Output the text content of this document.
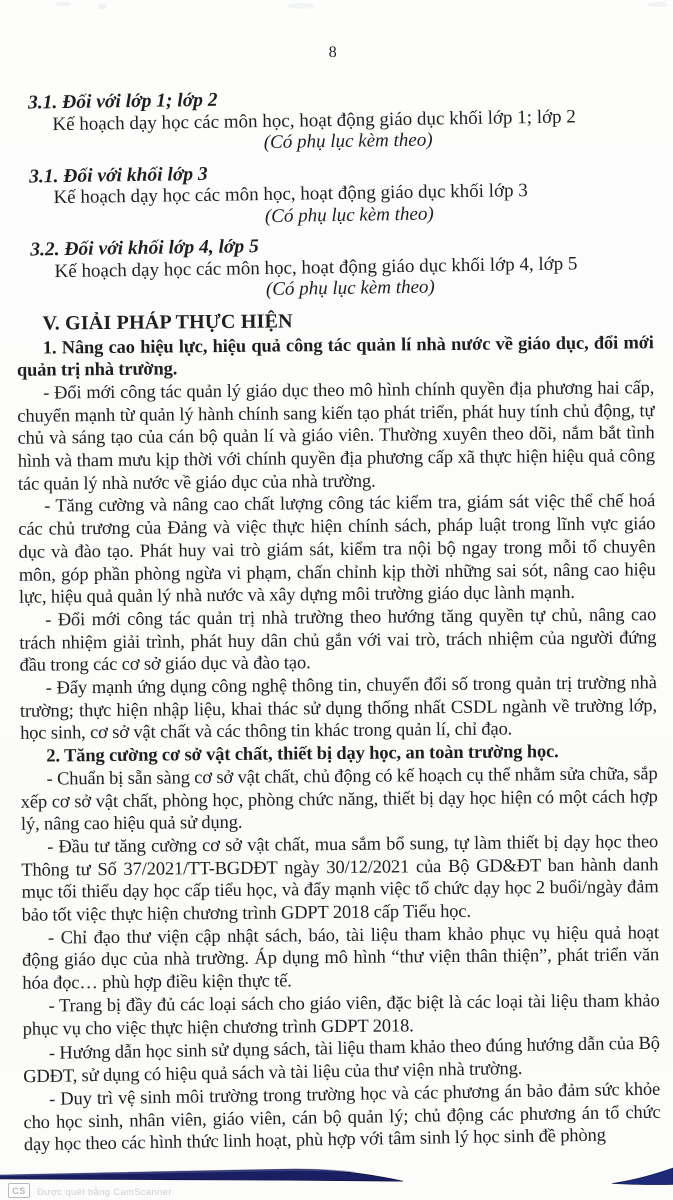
8

3.1. Đối với lớp 1; lớp 2

Kế hoạch dạy học các môn học, hoạt động giáo dục khối lớp 1; lớp 2

(Có phụ lục kèm theo)

3.1. Đối với khối lớp 3

Kế hoạch dạy học các môn học, hoạt động giáo dục khối lớp 3

(Có phụ lục kèm theo)

3.2. Đối với khối lớp 4, lớp 5

Kế hoạch dạy học các môn học, hoạt động giáo dục khối lớp 4, lớp 5

(Có phụ lục kèm theo)

V. GIẢI PHÁP THỰC HIỆN

1. Nâng cao hiệu lực, hiệu quả công tác quản lí nhà nước về giáo dục, đổi mới quản trị nhà trường.

- Đổi mới công tác quản lý giáo dục theo mô hình chính quyền địa phương hai cấp, chuyển mạnh từ quản lý hành chính sang kiến tạo phát triển, phát huy tính chủ động, tự chủ và sáng tạo của cán bộ quản lí và giáo viên. Thường xuyên theo dõi, nắm bắt tình hình và tham mưu kịp thời với chính quyền địa phương cấp xã thực hiện hiệu quả công tác quản lý nhà nước về giáo dục của nhà trường.

- Tăng cường và nâng cao chất lượng công tác kiểm tra, giám sát việc thể chế hoá các chủ trương của Đảng và việc thực hiện chính sách, pháp luật trong lĩnh vực giáo dục và đào tạo. Phát huy vai trò giám sát, kiểm tra nội bộ ngay trong mỗi tổ chuyên môn, góp phần phòng ngừa vi phạm, chấn chỉnh kịp thời những sai sót, nâng cao hiệu lực, hiệu quả quản lý nhà nước và xây dựng môi trường giáo dục lành mạnh.

- Đổi mới công tác quản trị nhà trường theo hướng tăng quyền tự chủ, nâng cao trách nhiệm giải trình, phát huy dân chủ gắn với vai trò, trách nhiệm của người đứng đầu trong các cơ sở giáo dục và đào tạo.

- Đẩy mạnh ứng dụng công nghệ thông tin, chuyển đổi số trong quản trị trường nhà trường; thực hiện nhập liệu, khai thác sử dụng thống nhất CSDL ngành về trường lớp, học sinh, cơ sở vật chất và các thông tin khác trong quản lí, chỉ đạo.

2. Tăng cường cơ sở vật chất, thiết bị dạy học, an toàn trường học.

- Chuẩn bị sẵn sàng cơ sở vật chất, chủ động có kế hoạch cụ thể nhằm sửa chữa, sắp xếp cơ sở vật chất, phòng học, phòng chức năng, thiết bị dạy học hiện có một cách hợp lý, nâng cao hiệu quả sử dụng.

- Đầu tư tăng cường cơ sở vật chất, mua sắm bổ sung, tự làm thiết bị dạy học theo Thông tư Số 37/2021/TT-BGDĐT ngày 30/12/2021 của Bộ GD&ĐT ban hành danh mục tối thiểu dạy học cấp tiểu học, và đẩy mạnh việc tổ chức dạy học 2 buổi/ngày đảm bảo tốt việc thực hiện chương trình GDPT 2018 cấp Tiểu học.

- Chỉ đạo thư viện cập nhật sách, báo, tài liệu tham khảo phục vụ hiệu quả hoạt động giáo dục của nhà trường. Áp dụng mô hình “thư viện thân thiện”, phát triển văn hóa đọc… phù hợp điều kiện thực tế.

- Trang bị đầy đủ các loại sách cho giáo viên, đặc biệt là các loại tài liệu tham khảo phục vụ cho việc thực hiện chương trình GDPT 2018.

- Hướng dẫn học sinh sử dụng sách, tài liệu tham khảo theo đúng hướng dẫn của Bộ GDĐT, sử dụng có hiệu quả sách và tài liệu của thư viện nhà trường.

- Duy trì vệ sinh môi trường trong trường học và các phương án bảo đảm sức khỏe cho học sinh, nhân viên, giáo viên, cán bộ quản lý; chủ động các phương án tổ chức dạy học theo các hình thức linh hoạt, phù hợp với tâm sinh lý học sinh đề phòng

CS	Được quét bằng CamScanner
